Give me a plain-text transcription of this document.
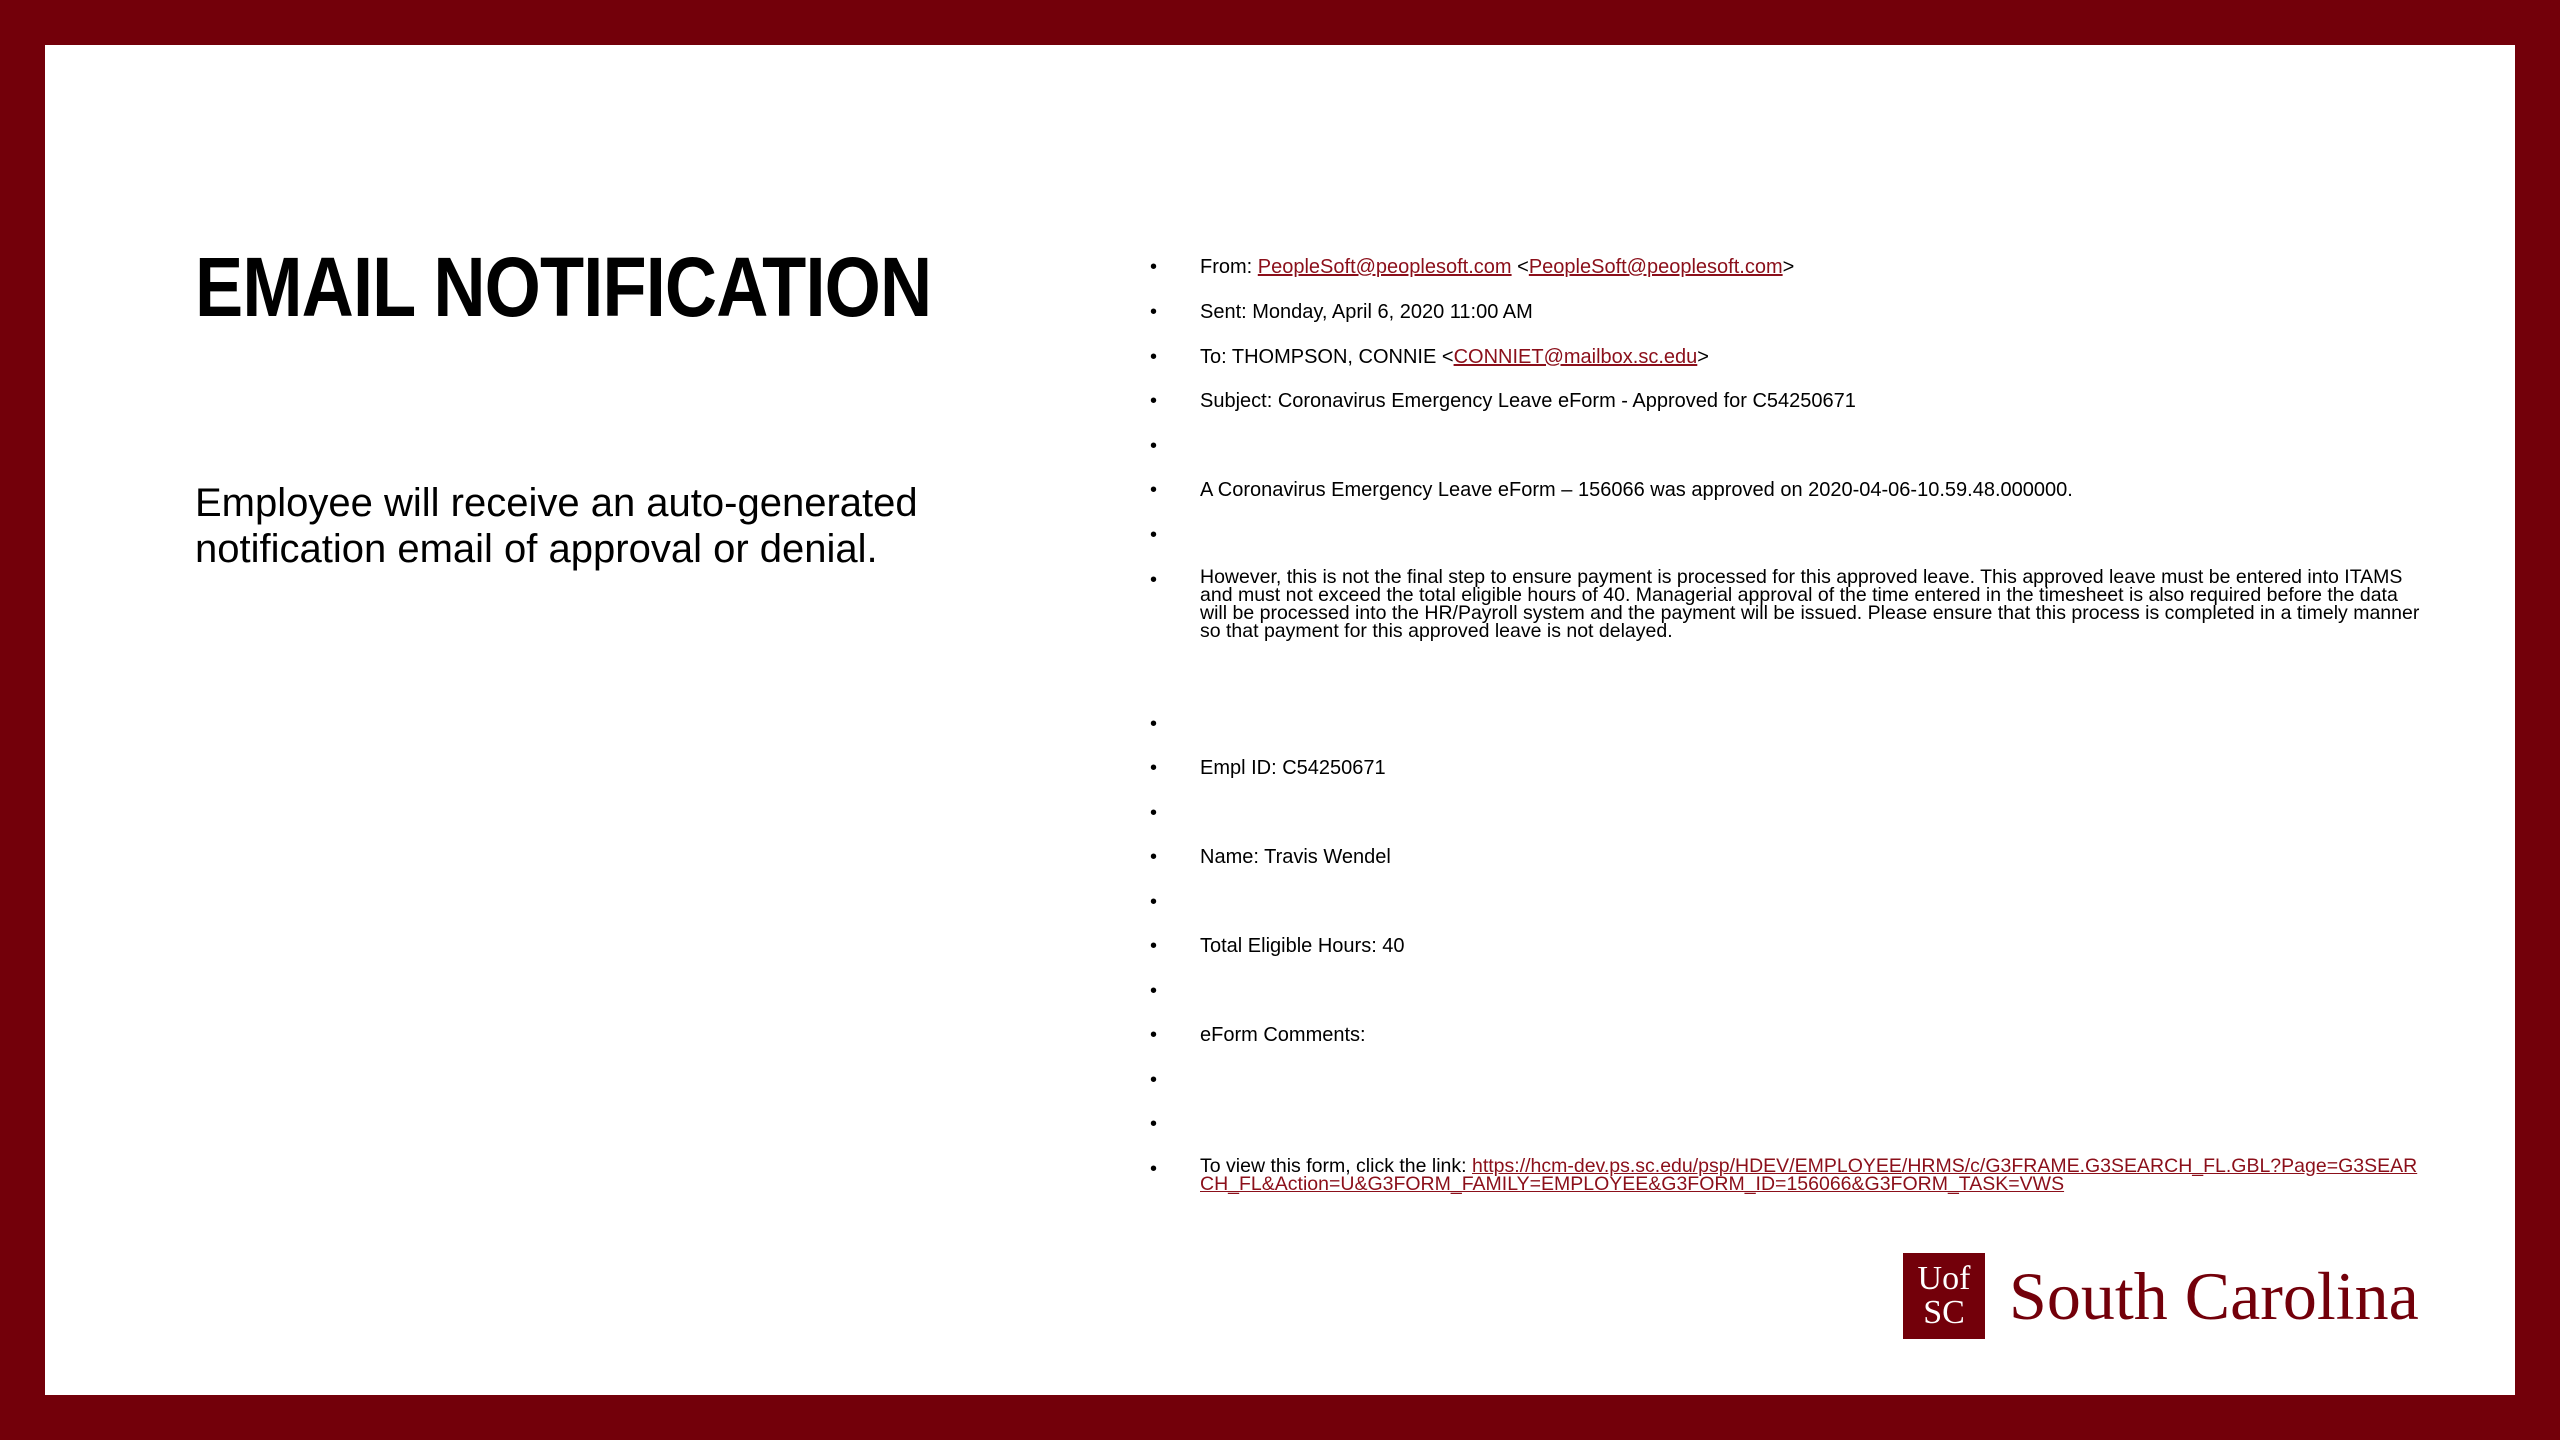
EMAIL NOTIFICATION
Employee will receive an auto-generated notification email of approval or denial.
• From: PeopleSoft@peoplesoft.com <PeopleSoft@peoplesoft.com>
• Sent: Monday, April 6, 2020 11:00 AM
• To: THOMPSON, CONNIE <CONNIET@mailbox.sc.edu>
• Subject: Coronavirus Emergency Leave eForm - Approved for C54250671
•
• A Coronavirus Emergency Leave eForm – 156066 was approved on 2020-04-06-10.59.48.000000.
•
• However, this is not the final step to ensure payment is processed for this approved leave. This approved leave must be entered into ITAMS and must not exceed the total eligible hours of 40. Managerial approval of the time entered in the timesheet is also required before the data will be processed into the HR/Payroll system and the payment will be issued. Please ensure that this process is completed in a timely manner so that payment for this approved leave is not delayed.
•
• Empl ID: C54250671
•
• Name: Travis Wendel
•
• Total Eligible Hours: 40
•
• eForm Comments:
•
•
• To view this form, click the link: https://hcm-dev.ps.sc.edu/psp/HDEV/EMPLOYEE/HRMS/c/G3FRAME.G3SEARCH_FL.GBL?Page=G3SEARCH_FL&Action=U&G3FORM_FAMILY=EMPLOYEE&G3FORM_ID=156066&G3FORM_TASK=VWS
Uof
SC South Carolina
